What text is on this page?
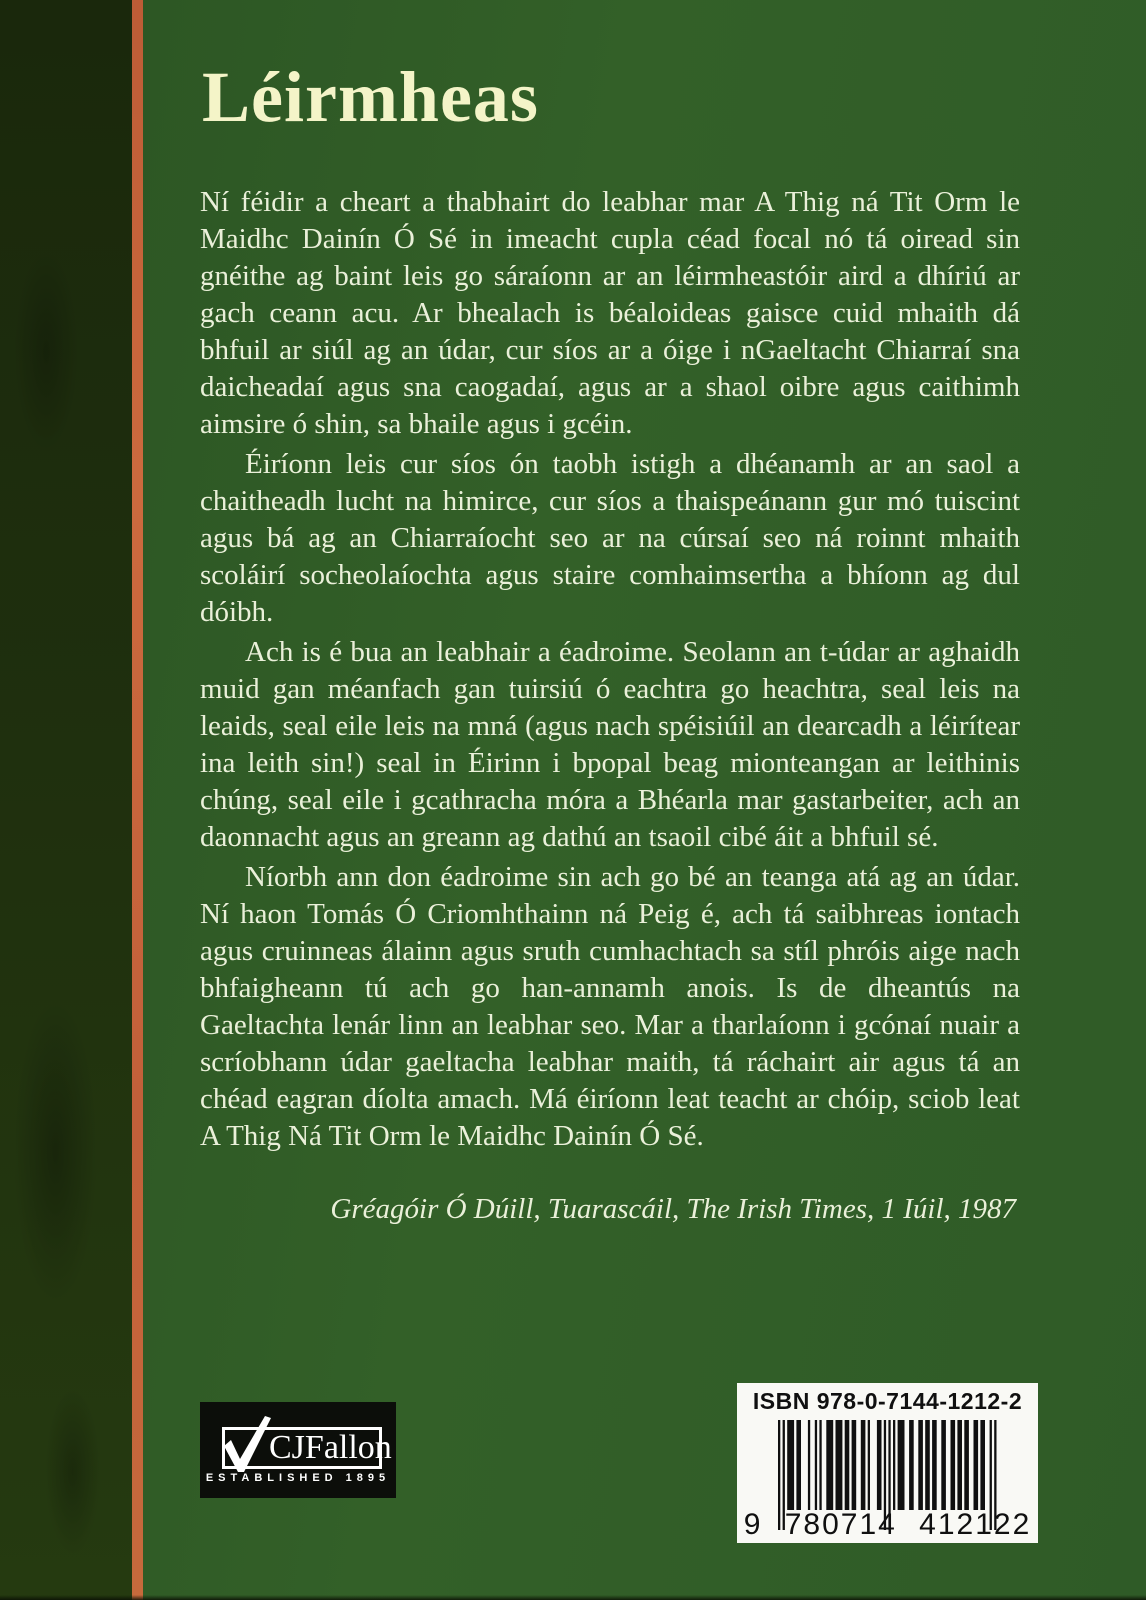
Léirmheas

Ní féidir a cheart a thabhairt do leabhar mar A Thig ná Tit Orm le Maidhc Dainín Ó Sé in imeacht cupla céad focal nó tá oiread sin gnéithe ag baint leis go sáraíonn ar an léirmheastóir aird a dhíriú ar gach ceann acu. Ar bhealach is béaloideas gaisce cuid mhaith dá bhfuil ar siúl ag an údar, cur síos ar a óige i nGaeltacht Chiarraí sna daicheadaí agus sna caogadaí, agus ar a shaol oibre agus caithimh aimsire ó shin, sa bhaile agus i gcéin.

Éiríonn leis cur síos ón taobh istigh a dhéanamh ar an saol a chaitheadh lucht na himirce, cur síos a thaispeánann gur mó tuiscint agus bá ag an Chiarraíocht seo ar na cúrsaí seo ná roinnt mhaith scoláirí socheolaíochta agus staire comhaimsertha a bhíonn ag dul dóibh.

Ach is é bua an leabhair a éadroime. Seolann an t-údar ar aghaidh muid gan méanfach gan tuirsiú ó eachtra go heachtra, seal leis na leaids, seal eile leis na mná (agus nach spéisiúil an dearcadh a léirítear ina leith sin!) seal in Éirinn i bpopal beag mionteangan ar leithinis chúng, seal eile i gcathracha móra a Bhéarla mar gastarbeiter, ach an daonnacht agus an greann ag dathú an tsaoil cibé áit a bhfuil sé.

Níorbh ann don éadroime sin ach go bé an teanga atá ag an údar. Ní haon Tomás Ó Criomhthainn ná Peig é, ach tá saibhreas iontach agus cruinneas álainn agus sruth cumhachtach sa stíl phróis aige nach bhfaigheann tú ach go han-annamh anois. Is de dheantús na Gaeltachta lenár linn an leabhar seo. Mar a tharlaíonn i gcónaí nuair a scríobhann údar gaeltacha leabhar maith, tá ráchairt air agus tá an chéad eagran díolta amach. Má éiríonn leat teacht ar chóip, sciob leat A Thig Ná Tit Orm le Maidhc Dainín Ó Sé.

Gréagóir Ó Dúill, Tuarascáil, The Irish Times, 1 Iúil, 1987

CJFallon
ESTABLISHED 1895
ISBN 978-0-7144-1212-2
9 780714 412122
